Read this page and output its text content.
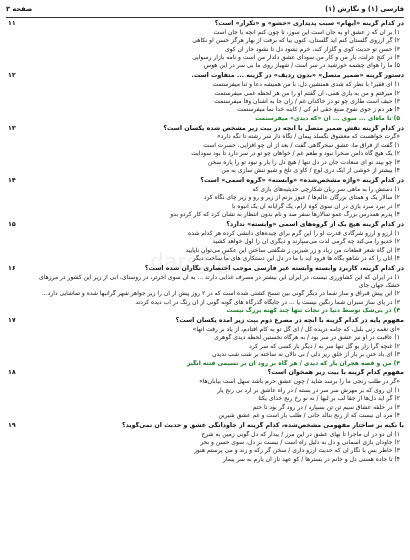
فارسی (۱) و نگارش (۱)
صفحه ۳
در کدام گزینه «ایهام» سبب پدیداری «حشو» و «تکرار» است؟
۱) بر آن که ز عشق او به جان است این سوز، تا چون کنم آنچه با جان است
۲) گر آرزوی گلستان کنم آید گلستان، کنون بیا که برفت از بهار هرگز حسن او نکاهی
۳) حسن تو حدیث کوی و گلزار کند، خرم نشود دل تا نشود خار آن کوی
۴) در کنج عزلت، یار من و کار من سودای عشق دلدار من است و نامه بازار رسوایی
۵) ما را هوای چشمه خورشید در سر است / شهباز روی ما بی سر در این هوس
۱۱
دستور گرینه «ضمیر متصل» «بدون ردیف» در گزینه ... متفاوت است.
۱) ای فقیر! با نظر که شدی همنشین دل، با من همیشه دعا و ثنا میفرستمت
۲) میرفتم و من به یاری همی، آن گفتم او را من هر لحظه غمی میفرستمت
۳) حیف است طاری چو تو در خاکدان غم / زان جا به آشنان وفا میفرستمت
۴) هر دم ز جوی نفوح صنع حقی ام کی / کاینه خدا نما میفرستمت
۵) تا ماه‌ای ... سوی ... آن «که دیدی» میفرستمت
۱۲
در کدام گزینه نقش ضمیر متصل با آنچه در بیت زیر مشخص شده یکسان است؟
«گرت خواهست که معشوق نگسلد پیمان / نگاه دار سر رشته تا نگه دارد»
۱) گفت از فراق ما، عشق سحرگاهی گفت / بعد از آن چو افزایی، حسرت است
۲) یک هیچ گاه دامن صحرا نبود و طعم غم / خواهان چو تو در سر دارد تا بود سودایت
۳) چو بیند تو ای سعادت جان در دل تنها / هیچ دل را بار و نبود تو را پاره سخن
۴) بیشتر از خوشی از ایک دری لوچ / کاو ی تلخ و شیو تنش سازی به من
۱۳
در کدام گزینه «واژه مشخص‌شده» «وابسته» «گروه اسمی» است؟
۱) دستش را به ماهی سر زبان شکارچی حدیثیه‌های بازی که
۲) سالار یک و همتای بزرگان عالم‌ها / عبور بزنم از زیر و رو و زیر چای نگاه کرد
۳) در نبرد سرد بازی در آن سوی کوه آرام، یک گرایانه آن یک انبوه با
۴) پدرم همدرس بزرگ عمو سالار‌ها سفر صد و نام بدون انتظار به نشان کرد که کار کردو بدو
۱۴
در کدام گزینه هیچ یک از گروه‌های اسمی «وابسته» ندارد؟
۱) آرزو و آرزو شرگادی قدرت او را این گرم برای چیده‌های دانشی کرده هر کدام شده
۲) خدیو را می‌کند چه گرمی لذت می‌سپارند و دیگری آن را لول خواهد کشید
۳) آن گاه شعر قطعات من زیاد و زر شیرین ز شگفتی ساختن این عکس می‌توان ناپایید
۴) آنان را که در شاهو بگاه ها فرود آید با ما در دل این دستکاری های ما ساخت دیگر
۱۵
در کدام گزینه، کاربرد وابسته وابسته غیر فارسی موجب اختصاری نگاران شده است؟
۱) در ایران که این کشاورزی نیست، در ایران این بیشتر در مصرف غذایی دارند ... به آن سوی آخرتر، در روستای، آبی از زیر این کشور در مرز‌های خشک جهان جای
۲) این پیش قبراق و ساز شما در دیگر گونی بین تنسخ کشتی شده است که در ۲ روز پیش از آن را زیر جواهر شهر گرانبها شده و تماشایی دارد...
۳) در پای ساز سبزان شما رنگین نیست یا ... در جایگاه گذرگاه های گونه گونی از آن رنگ در آب دیده کردند
۴) در بی‌شک توسط دنیا در نجات تنها چند کهنه بزرگ نیست
۱۶
مفهوم پایه در کدام گزینه با آنچه در مصرع دوم بیت زیر آمده یکسان است؟
«ای نغمه زنی بلبل، که جامه دریده کل / ای گل تو به کام افتادم، از یاد بر رفت آنها»
۱) عاقبت در او نیز عشق در سر بود / به هرگاه نخستین لحظه دیدی گوهری
۲) غنچه گرا زار بو گل تنها سر به / دیگر بار کسی که سر کرد
۳) ای باد ختن بر بار از خلق ریز دلی / بی نالان نه ساخته بر شب شب ندیدن
۴) من و قصه هجران یار که دیدی / هر گاه بر رود آن بر نسیمی فتنه انگیز
۱۷
مفهوم کدام گزینه با بیت زیر همخوان است؟
«گر در طلب رنجی ما را برسد شاید / چون عشق حرم باشد سهل است بیابان‌ها»
۱) آن روی که بر مهرش سر سر در بسته / در راه عاشق بر آرد بی رنج یار
۲) گر آید دل‌ها از جفا لب بر لبها / نه نو رخ رنج خدای یکتا
۳) در حلقه عشاق سیم تن تن بسپارد / در رود گر بود تا ختم
۴) مرد آن نیست که از رنج بنالد جانی / طلب یار است و غم عشق شیرین
۱۸
با نکیه بر ساختار مفهومی مشخص‌شده، کدام گزینه از جاودانگی عشق و حدیث آن نمی‌گوید؟
۱) آن دو در آن ماجرا تا بهای عشق در این مرز / بیدار که دل گویی زمین به شرح
۲) جاودان بازی آسمانی و دل به دلیل راه است / نیست بر دل، سوی حسن و بحر
۳) خاطر بس با نگار آن که حدیث آرزو داری / سخن گر زکه و زند و می پرستم هنوز
۴) تا جاده هستی دل و جانم در بسترها / کو عهد ناز آن یارم به سر بیمار
۱۹
@dars1
